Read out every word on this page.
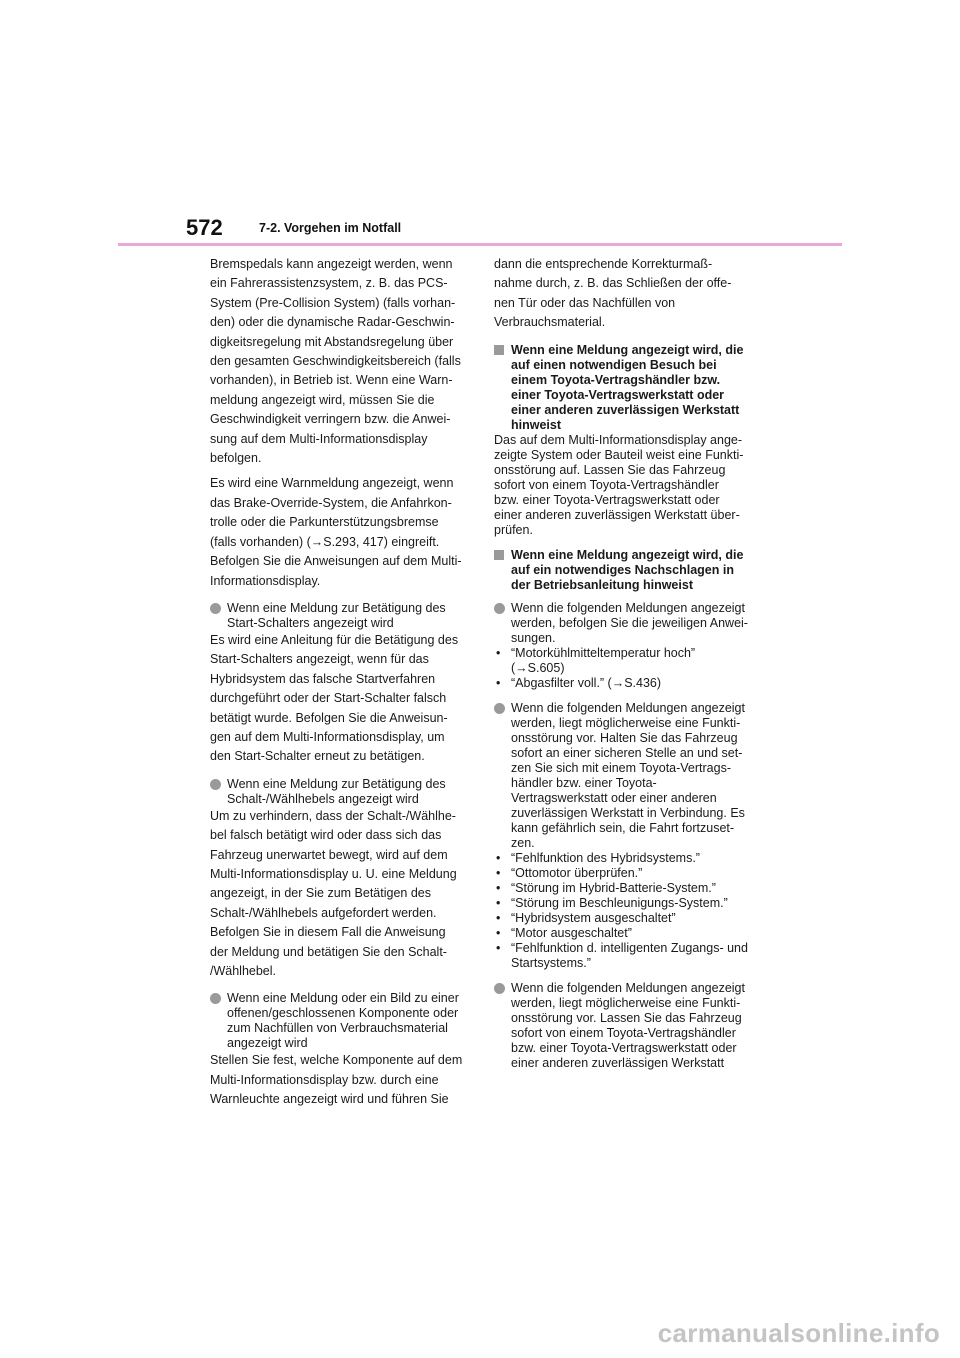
572	7-2. Vorgehen im Notfall
Bremspedals kann angezeigt werden, wenn
ein Fahrerassistenzsystem, z. B. das PCS-
System (Pre-Collision System) (falls vorhan-
den) oder die dynamische Radar-Geschwin-
digkeitsregelung mit Abstandsregelung über
den gesamten Geschwindigkeitsbereich (falls
vorhanden), in Betrieb ist. Wenn eine Warn-
meldung angezeigt wird, müssen Sie die
Geschwindigkeit verringern bzw. die Anwei-
sung auf dem Multi-Informationsdisplay
befolgen.
Es wird eine Warnmeldung angezeigt, wenn
das Brake-Override-System, die Anfahrkon-
trolle oder die Parkunterstützungsbremse
(falls vorhanden) (→S.293, 417) eingreift.
Befolgen Sie die Anweisungen auf dem Multi-
Informationsdisplay.
Wenn eine Meldung zur Betätigung des
Start-Schalters angezeigt wird
Es wird eine Anleitung für die Betätigung des
Start-Schalters angezeigt, wenn für das
Hybridsystem das falsche Startverfahren
durchgeführt oder der Start-Schalter falsch
betätigt wurde. Befolgen Sie die Anweisun-
gen auf dem Multi-Informationsdisplay, um
den Start-Schalter erneut zu betätigen.
Wenn eine Meldung zur Betätigung des
Schalt-/Wählhebels angezeigt wird
Um zu verhindern, dass der Schalt-/Wählhe-
bel falsch betätigt wird oder dass sich das
Fahrzeug unerwartet bewegt, wird auf dem
Multi-Informationsdisplay u. U. eine Meldung
angezeigt, in der Sie zum Betätigen des
Schalt-/Wählhebels aufgefordert werden.
Befolgen Sie in diesem Fall die Anweisung
der Meldung und betätigen Sie den Schalt-
/Wählhebel.
Wenn eine Meldung oder ein Bild zu einer
offenen/geschlossenen Komponente oder
zum Nachfüllen von Verbrauchsmaterial
angezeigt wird
Stellen Sie fest, welche Komponente auf dem
Multi-Informationsdisplay bzw. durch eine
Warnleuchte angezeigt wird und führen Sie
dann die entsprechende Korrekturmaß-
nahme durch, z. B. das Schließen der offe-
nen Tür oder das Nachfüllen von
Verbrauchsmaterial.
Wenn eine Meldung angezeigt wird, die
auf einen notwendigen Besuch bei
einem Toyota-Vertragshändler bzw.
einer Toyota-Vertragswerkstatt oder
einer anderen zuverlässigen Werkstatt
hinweist
Das auf dem Multi-Informationsdisplay ange-
zeigte System oder Bauteil weist eine Funkti-
onsstörung auf. Lassen Sie das Fahrzeug
sofort von einem Toyota-Vertragshändler
bzw. einer Toyota-Vertragswerkstatt oder
einer anderen zuverlässigen Werkstatt über-
prüfen.
Wenn eine Meldung angezeigt wird, die
auf ein notwendiges Nachschlagen in
der Betriebsanleitung hinweist
Wenn die folgenden Meldungen angezeigt
werden, befolgen Sie die jeweiligen Anwei-
sungen.
• “Motorkühlmitteltemperatur hoch”
(→S.605)
• “Abgasfilter voll.” (→S.436)
Wenn die folgenden Meldungen angezeigt
werden, liegt möglicherweise eine Funkti-
onsstörung vor. Halten Sie das Fahrzeug
sofort an einer sicheren Stelle an und set-
zen Sie sich mit einem Toyota-Vertrags-
händler bzw. einer Toyota-
Vertragswerkstatt oder einer anderen
zuverlässigen Werkstatt in Verbindung. Es
kann gefährlich sein, die Fahrt fortzuset-
zen.
• “Fehlfunktion des Hybridsystems.”
• “Ottomotor überprüfen.”
• “Störung im Hybrid-Batterie-System.”
• “Störung im Beschleunigungs-System.”
• “Hybridsystem ausgeschaltet”
• “Motor ausgeschaltet”
• “Fehlfunktion d. intelligenten Zugangs- und
Startsystems.”
Wenn die folgenden Meldungen angezeigt
werden, liegt möglicherweise eine Funkti-
onsstörung vor. Lassen Sie das Fahrzeug
sofort von einem Toyota-Vertragshändler
bzw. einer Toyota-Vertragswerkstatt oder
einer anderen zuverlässigen Werkstatt
carmanualsonline.info
